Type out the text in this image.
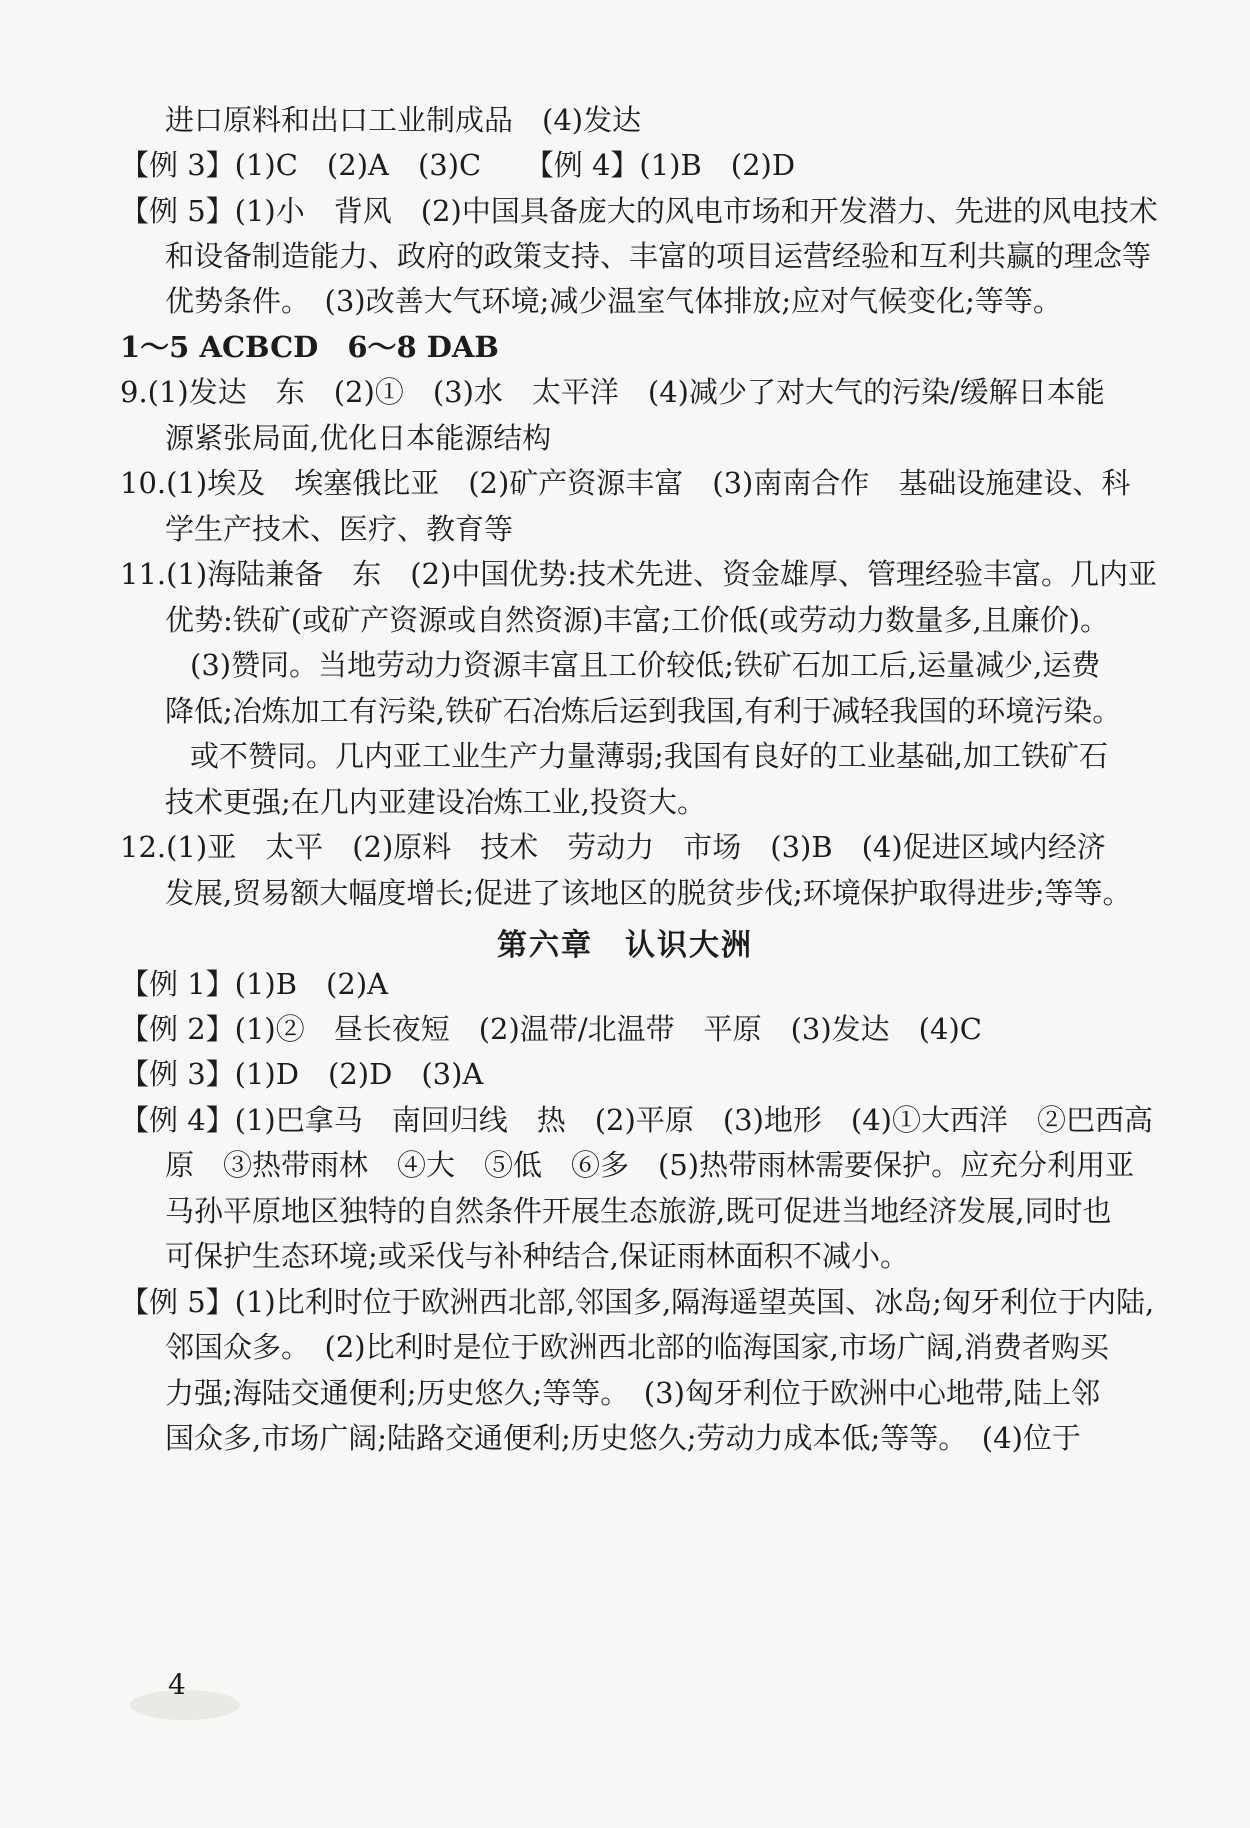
进口原料和出口工业制成品　(4)发达
【例 3】(1)C　(2)A　(3)C　　【例 4】(1)B　(2)D
【例 5】(1)小　背风　(2)中国具备庞大的风电市场和开发潜力、先进的风电技术
和设备制造能力、政府的政策支持、丰富的项目运营经验和互利共赢的理念等
优势条件。　(3)改善大气环境;减少温室气体排放;应对气候变化;等等。
1～5 ACBCD　6～8 DAB
9.(1)发达　东　(2)①　(3)水　太平洋　(4)减少了对大气的污染/缓解日本能
源紧张局面,优化日本能源结构
10.(1)埃及　埃塞俄比亚　(2)矿产资源丰富　(3)南南合作　基础设施建设、科
学生产技术、医疗、教育等
11.(1)海陆兼备　东　(2)中国优势:技术先进、资金雄厚、管理经验丰富。几内亚
优势:铁矿(或矿产资源或自然资源)丰富;工价低(或劳动力数量多,且廉价)。
(3)赞同。当地劳动力资源丰富且工价较低;铁矿石加工后,运量减少,运费
降低;冶炼加工有污染,铁矿石冶炼后运到我国,有利于减轻我国的环境污染。
或不赞同。几内亚工业生产力量薄弱;我国有良好的工业基础,加工铁矿石
技术更强;在几内亚建设冶炼工业,投资大。
12.(1)亚　太平　(2)原料　技术　劳动力　市场　(3)B　(4)促进区域内经济
发展,贸易额大幅度增长;促进了该地区的脱贫步伐;环境保护取得进步;等等。
第六章　认识大洲
【例 1】(1)B　(2)A
【例 2】(1)②　昼长夜短　(2)温带/北温带　平原　(3)发达　(4)C
【例 3】(1)D　(2)D　(3)A
【例 4】(1)巴拿马　南回归线　热　(2)平原　(3)地形　(4)①大西洋　②巴西高
原　③热带雨林　④大　⑤低　⑥多　(5)热带雨林需要保护。应充分利用亚
马孙平原地区独特的自然条件开展生态旅游,既可促进当地经济发展,同时也
可保护生态环境;或采伐与补种结合,保证雨林面积不减小。
【例 5】(1)比利时位于欧洲西北部,邻国多,隔海遥望英国、冰岛;匈牙利位于内陆,
邻国众多。　(2)比利时是位于欧洲西北部的临海国家,市场广阔,消费者购买
力强;海陆交通便利;历史悠久;等等。　(3)匈牙利位于欧洲中心地带,陆上邻
国众多,市场广阔;陆路交通便利;历史悠久;劳动力成本低;等等。　(4)位于
4
